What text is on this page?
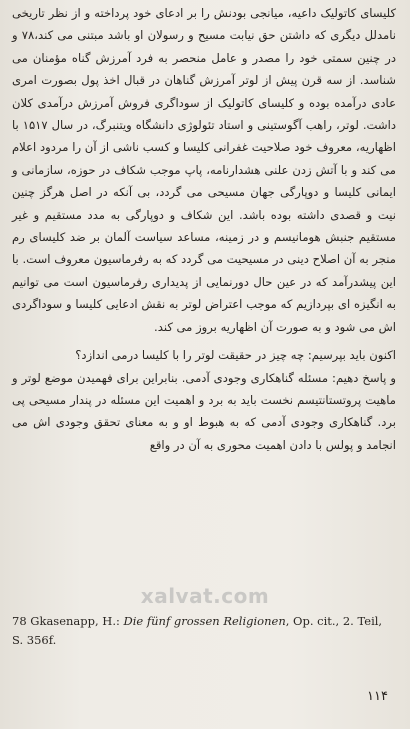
کلیسای کاتولیک داعیه، میانجی بودنش را بر ادعای خود پرداخته و از نظر تاریخی نامدلل دیگری که داشتن حق نیابت مسیح و رسولان او باشد مبتنی می کند،۷۸ و در چنین سمتی خود را مصدر و عامل منحصر به فرد آمرزش گناه مؤمنان می شناسد. از سه قرن پیش از لوتر آمرزش گناهان در قبال اخذ پول بصورت امری عادی درآمده بوده و کلیسای کاتولیک از سوداگری فروش آمرزش درآمدی کلان داشت. لوتر، راهب آگوستینی و استاد تئولوژی دانشگاه ویتنبرگ، در سال ۱۵۱۷ با اظهاریه، معروف خود صلاحیت غفرانی کلیسا و کسب ناشی از آن را مردود اعلام می کند و با آتش زدن علنی هشدارنامه، پاپ موجب شکاف در حوزه، سازمانی و ایمانی کلیسا و دوپارگی جهان مسیحی می گردد، بی آنکه در اصل هرگز چنین نیت و قصدی داشته بوده باشد. این شکاف و دوپارگی به مدد مستقیم و غیر مستقیم جنبش هومانیسم و در زمینه، مساعد سیاست آلمان بر ضد کلیسای رم منجر به آن اصلاح دینی در مسیحیت می گردد که به رفرماسیون معروف است. با این پیشدرآمد که در عین حال دورنمایی از پدیداری رفرماسیون است می توانیم به انگیزه ای بپردازیم که موجب اعتراض لوتر به نقش ادعایی کلیسا و سوداگردی اش می شود و به صورت آن اظهاریه بروز می کند.

اکنون باید بپرسیم: چه چیز در حقیقت لوتر را با کلیسا درمی اندازد؟

و پاسخ دهیم: مسئله گناهکاری وجودی آدمی. بنابراین برای فهمیدن موضع لوتر و ماهیت پروتستانتیسم نخست باید به برد و اهمیت این مسئله در پندار مسیحی پی برد. گناهکاری وجودی آدمی که به هبوط او و به معنای تحقق وجودی اش می انجامد و پولس با دادن اهمیت محوری به آن در واقع

xalvat.com
78 Gkasenapp, H.: Die fünf grossen Religionen, Op. cit., 2. Teil, S. 356f.
۱۱۴
